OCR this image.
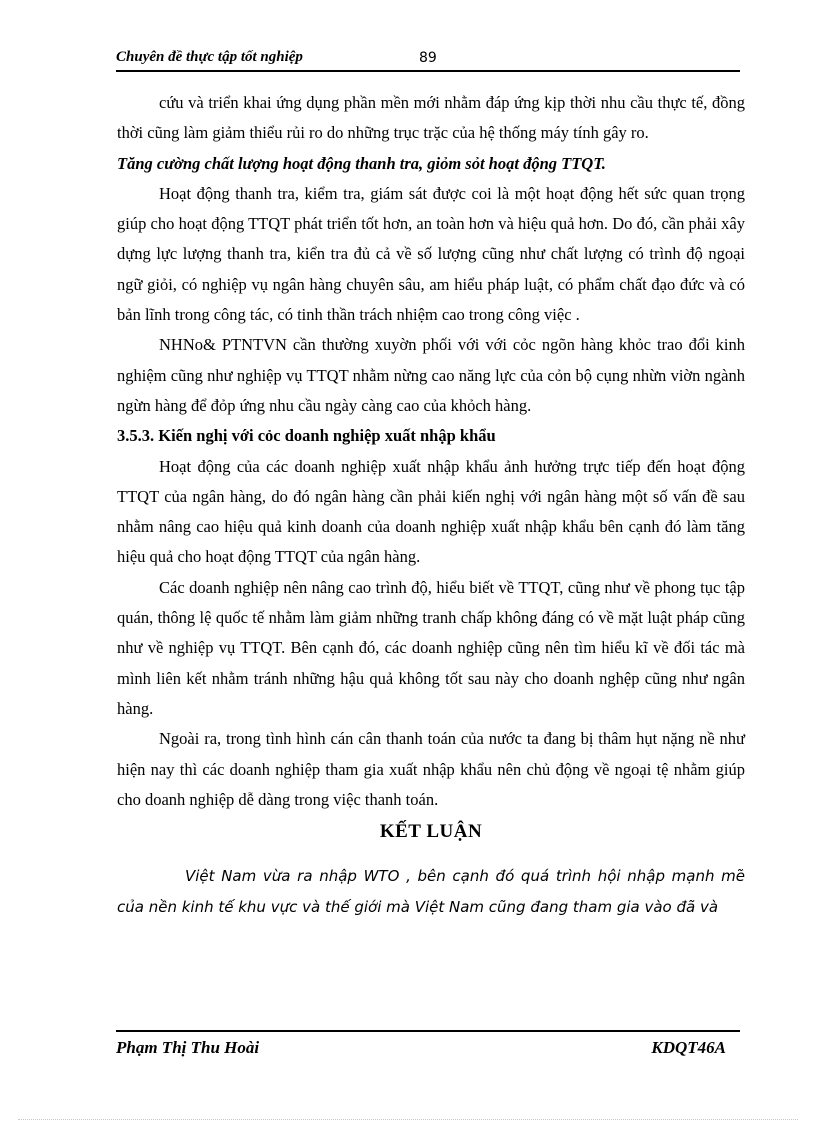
Chuyên đề thực tập tốt nghiệp	89

cứu và triển khai ứng dụng phần mền mới nhằm đáp ứng kịp thời nhu cầu thực tế, đồng thời cũng làm giảm thiểu rủi ro do những trục trặc của hệ thống máy tính gây ro.

Tăng cường chất lượng hoạt động thanh tra, giỏm sỏt hoạt động TTQT.

Hoạt động thanh tra, kiểm tra, giám sát được coi là một hoạt động hết sức quan trọng giúp cho hoạt động TTQT phát triển tốt hơn, an toàn hơn và hiệu quả hơn. Do đó, cần phải xây dựng lực lượng thanh tra, kiển tra đủ cả về số lượng cũng như chất lượng có trình độ ngoại ngữ giỏi, có nghiệp vụ ngân hàng chuyên sâu, am hiểu pháp luật, có phẩm chất đạo đức và có bản lĩnh trong công tác, có tinh thần trách nhiệm cao trong công việc .

NHNo& PTNTVN cần thường xuyờn phối với với cỏc ngõn hàng khỏc trao đổi kinh nghiệm cũng như nghiệp vụ TTQT nhằm nừng cao năng lực của cỏn bộ cụng nhừn viờn ngành ngừn hàng để đỏp ứng nhu cầu ngày càng cao của khỏch hàng.

3.5.3. Kiến nghị với cỏc doanh nghiệp xuất nhập khẩu

Hoạt động của các doanh nghiệp xuất nhập khẩu ảnh hưởng trực tiếp đến hoạt động TTQT của ngân hàng, do đó ngân hàng cần phải kiến nghị với ngân hàng một số vấn đề sau nhằm nâng cao hiệu quả kinh doanh của doanh nghiệp xuất nhập khẩu bên cạnh đó làm tăng hiệu quả cho hoạt động TTQT của ngân hàng.

Các doanh nghiệp nên nâng cao trình độ, hiểu biết về TTQT, cũng như về phong tục tập quán, thông lệ quốc tế nhằm làm giảm những tranh chấp không đáng có về mặt luật pháp cũng như về nghiệp vụ TTQT. Bên cạnh đó, các doanh nghiệp cũng nên tìm hiểu kĩ về đối tác mà mình liên kết nhằm tránh những hậu quả không tốt sau này cho doanh nghệp cũng như ngân hàng.

Ngoài ra, trong tình hình cán cân thanh toán của nước ta đang bị thâm hụt nặng nề như hiện nay thì các doanh nghiệp tham gia xuất nhập khẩu nên chủ động về ngoại tệ nhằm giúp cho doanh nghiệp dễ dàng trong việc thanh toán.

KẾT LUẬN

Việt Nam vừa ra nhập WTO , bên cạnh đó quá trình hội nhập mạnh mẽ của nền kinh tế khu vực và thế giới mà Việt Nam cũng đang tham gia vào đã và

Phạm Thị Thu Hoài	KDQT46A
